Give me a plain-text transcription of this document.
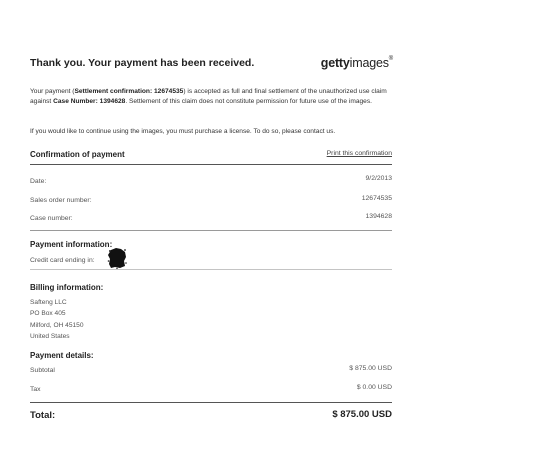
Thank you. Your payment has been received.	gettyimages®
Your payment (Settlement confirmation: 12674535) is accepted as full and final settlement of the unauthorized use claim against Case Number: 1394628. Settlement of this claim does not constitute permission for future use of the images.
If you would like to continue using the images, you must purchase a license. To do so, please contact us.
Confirmation of payment	Print this confirmation
Date:	9/2/2013
Sales order number:	12674535
Case number:	1394628
Payment information:
Credit card ending in:
Billing information:
Safteng LLC
PO Box 405
Milford, OH 45150
United States
Payment details:
Subtotal	$ 875.00 USD
Tax	$ 0.00 USD
Total:	$ 875.00 USD
